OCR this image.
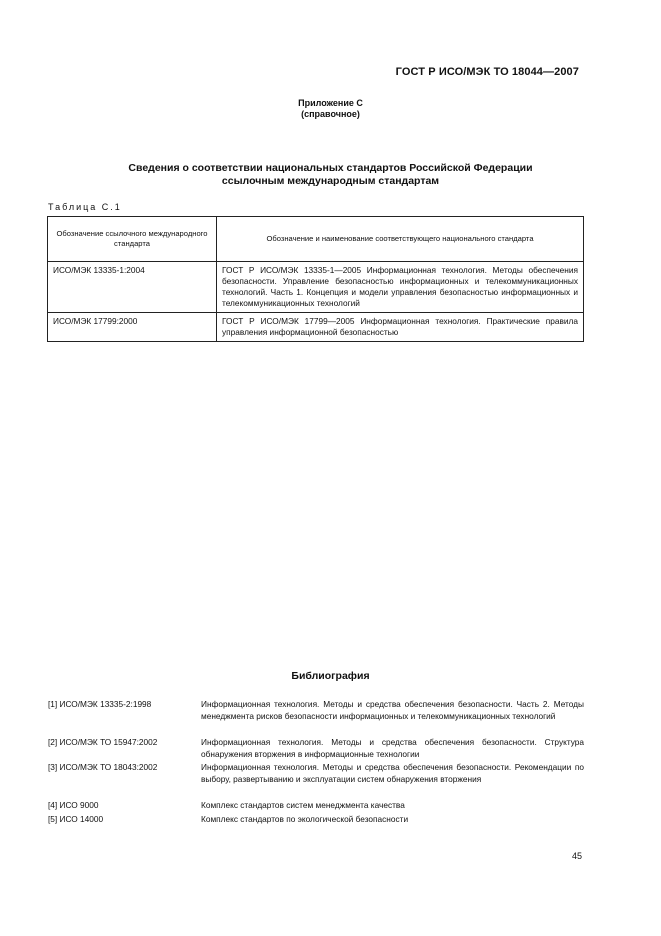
ГОСТ Р ИСО/МЭК ТО 18044—2007
Приложение С
(справочное)
Сведения о соответствии национальных стандартов Российской Федерации
ссылочным международным стандартам
Таблица С.1
Обозначение ссылочного международного стандарта	Обозначение и наименование соответствующего национального стандарта
ИСО/МЭК 13335-1:2004	ГОСТ Р ИСО/МЭК 13335-1—2005 Информационная технология. Методы обеспечения безопасности. Управление безопасностью информационных и телекоммуникационных технологий. Часть 1. Концепция и модели управления безопасностью информационных и телекоммуникационных технологий
ИСО/МЭК 17799:2000	ГОСТ Р ИСО/МЭК 17799—2005 Информационная технология. Практические правила управления информационной безопасностью
Библиография
[1] ИСО/МЭК 13335-2:1998	Информационная технология. Методы и средства обеспечения безопасности. Часть 2. Методы менеджмента рисков безопасности информационных и телекоммуникационных технологий
[2] ИСО/МЭК ТО 15947:2002	Информационная технология. Методы и средства обеспечения безопасности. Структура обнаружения вторжения в информационные технологии
[3] ИСО/МЭК ТО 18043:2002	Информационная технология. Методы и средства обеспечения безопасности. Рекомендации по выбору, развертыванию и эксплуатации систем обнаружения вторжения
[4] ИСО 9000	Комплекс стандартов систем менеджмента качества
[5] ИСО 14000	Комплекс стандартов по экологической безопасности
45
